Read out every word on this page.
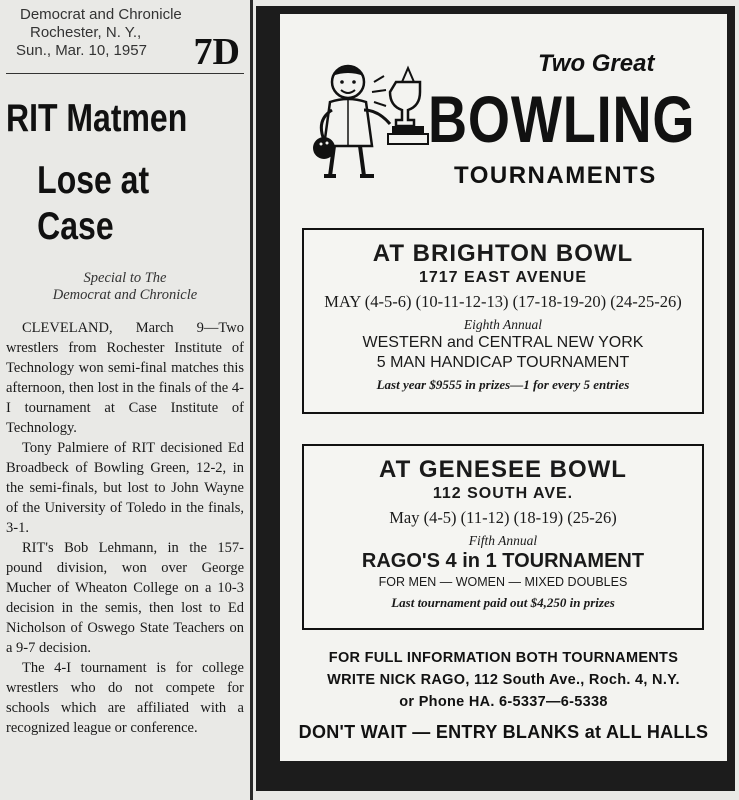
Democrat and Chronicle
Rochester, N. Y.,
Sun., Mar. 10, 1957 7D
RIT Matmen
Lose at Case
Special to The
Democrat and Chronicle

CLEVELAND, March 9—Two wrestlers from Rochester Institute of Technology won semi-final matches this afternoon, then lost in the finals of the 4-I tournament at Case Institute of Technology.

Tony Palmiere of RIT decisioned Ed Broadbeck of Bowling Green, 12-2, in the semi-finals, but lost to John Wayne of the University of Toledo in the finals, 3-1.

RIT's Bob Lehmann, in the 157-pound division, won over George Mucher of Wheaton College on a 10-3 decision in the semis, then lost to Ed Nicholson of Oswego State Teachers on a 9-7 decision.

The 4-I tournament is for college wrestlers who do not compete for schools which are affiliated with a recognized league or conference.

Two Great
BOWLING
TOURNAMENTS
AT BRIGHTON BOWL
1717 EAST AVENUE
MAY (4-5-6) (10-11-12-13) (17-18-19-20) (24-25-26)
Eighth Annual
WESTERN and CENTRAL NEW YORK
5 MAN HANDICAP TOURNAMENT
Last year $9555 in prizes—1 for every 5 entries
AT GENESEE BOWL
112 SOUTH AVE.
May (4-5) (11-12) (18-19) (25-26)
Fifth Annual
RAGO'S 4 in 1 TOURNAMENT
FOR MEN — WOMEN — MIXED DOUBLES
Last tournament paid out $4,250 in prizes
FOR FULL INFORMATION BOTH TOURNAMENTS
WRITE NICK RAGO, 112 South Ave., Roch. 4, N.Y.
or Phone HA. 6-5337—6-5338
DON'T WAIT — ENTRY BLANKS at ALL HALLS
